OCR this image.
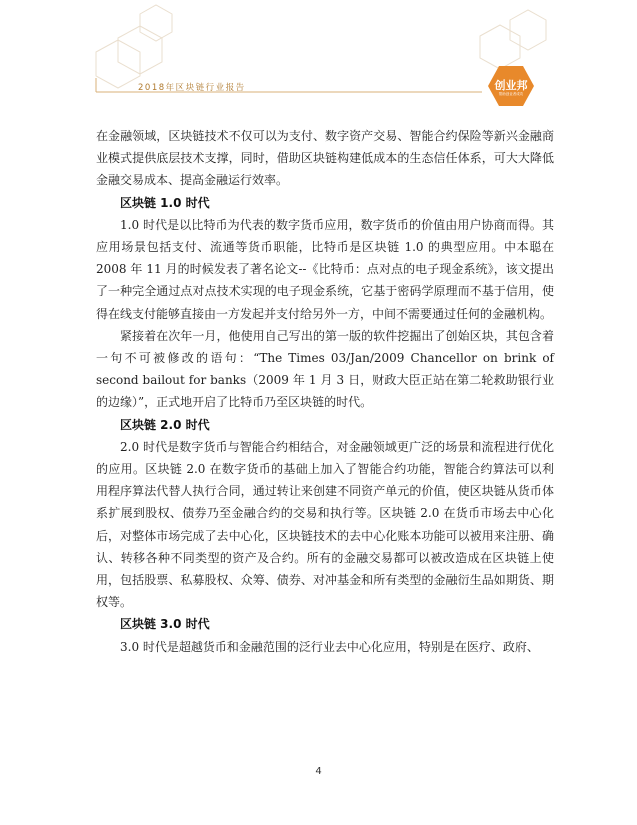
2018年区块链行业报告	创业邦
帮助创业者成功

在金融领域，区块链技术不仅可以为支付、数字资产交易、智能合约保险等新兴金融商业模式提供底层技术支撑，同时，借助区块链构建低成本的生态信任体系，可大大降低金融交易成本、提高金融运行效率。

区块链 1.0 时代

1.0 时代是以比特币为代表的数字货币应用，数字货币的价值由用户协商而得。其应用场景包括支付、流通等货币职能，比特币是区块链 1.0 的典型应用。中本聪在 2008 年 11 月的时候发表了著名论文--《比特币：点对点的电子现金系统》，该文提出了一种完全通过点对点技术实现的电子现金系统，它基于密码学原理而不基于信用，使得在线支付能够直接由一方发起并支付给另外一方，中间不需要通过任何的金融机构。

紧接着在次年一月，他使用自己写出的第一版的软件挖掘出了创始区块，其包含着一句不可被修改的语句：“The Times 03/Jan/2009 Chancellor on brink of second bailout for banks（2009 年 1 月 3 日，财政大臣正站在第二轮救助银行业的边缘）”，正式地开启了比特币乃至区块链的时代。

区块链 2.0 时代

2.0 时代是数字货币与智能合约相结合，对金融领域更广泛的场景和流程进行优化的应用。区块链 2.0 在数字货币的基础上加入了智能合约功能，智能合约算法可以利用程序算法代替人执行合同，通过转让来创建不同资产单元的价值，使区块链从货币体系扩展到股权、债券乃至金融合约的交易和执行等。区块链 2.0 在货币市场去中心化后，对整体市场完成了去中心化，区块链技术的去中心化账本功能可以被用来注册、确认、转移各种不同类型的资产及合约。所有的金融交易都可以被改造成在区块链上使用，包括股票、私募股权、众筹、债券、对冲基金和所有类型的金融衍生品如期货、期权等。

区块链 3.0 时代

3.0 时代是超越货币和金融范围的泛行业去中心化应用，特别是在医疗、政府、

4
